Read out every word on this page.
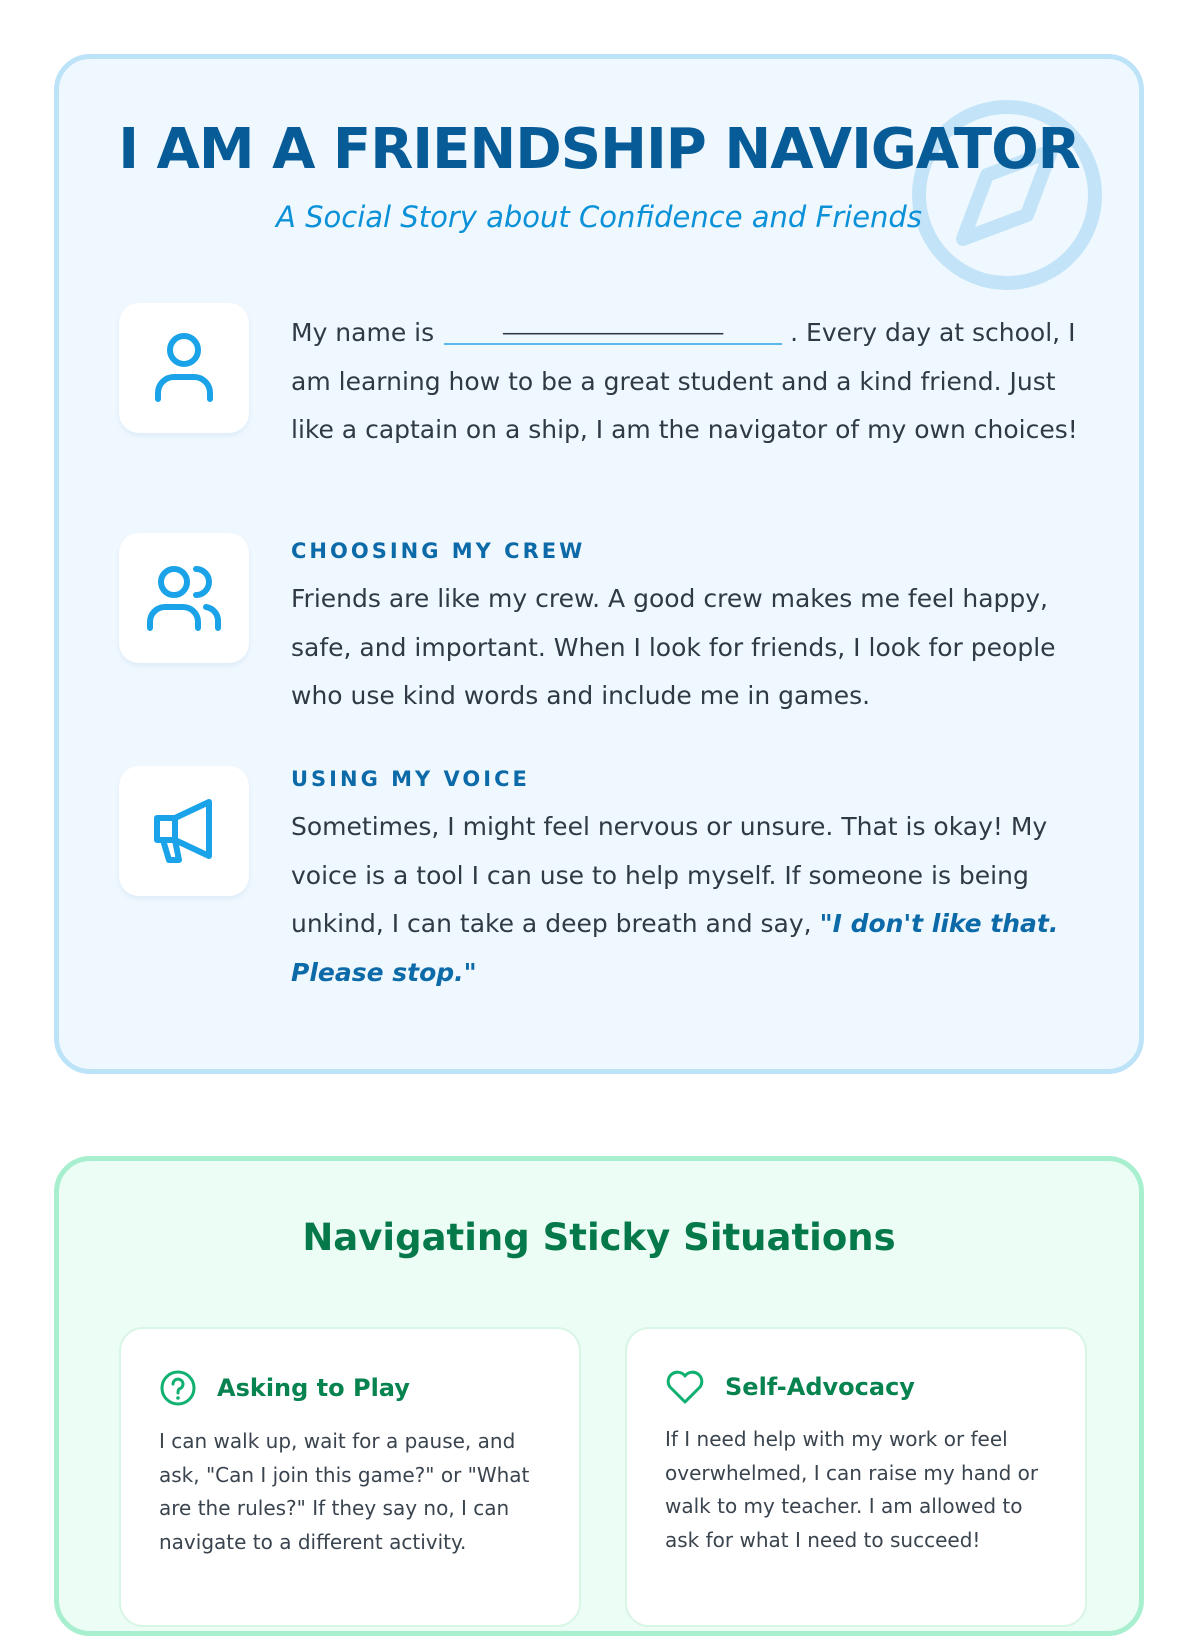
I AM A FRIENDSHIP NAVIGATOR

A Social Story about Confidence and Friends

My name is	____________________	. Every day at school, I am learning how to be a great student and a kind friend. Just like a captain on a ship, I am the navigator of my own choices!

CHOOSING MY CREW

Friends are like my crew. A good crew makes me feel happy, safe, and important. When I look for friends, I look for people who use kind words and include me in games.

USING MY VOICE

Sometimes, I might feel nervous or unsure. That is okay! My voice is a tool I can use to help myself. If someone is being unkind, I can take a deep breath and say, "I don't like that. Please stop."

Navigating Sticky Situations
Asking to Play

I can walk up, wait for a pause, and ask, "Can I join this game?" or "What are the rules?" If they say no, I can navigate to a different activity.

Self-Advocacy

If I need help with my work or feel overwhelmed, I can raise my hand or walk to my teacher. I am allowed to ask for what I need to succeed!
